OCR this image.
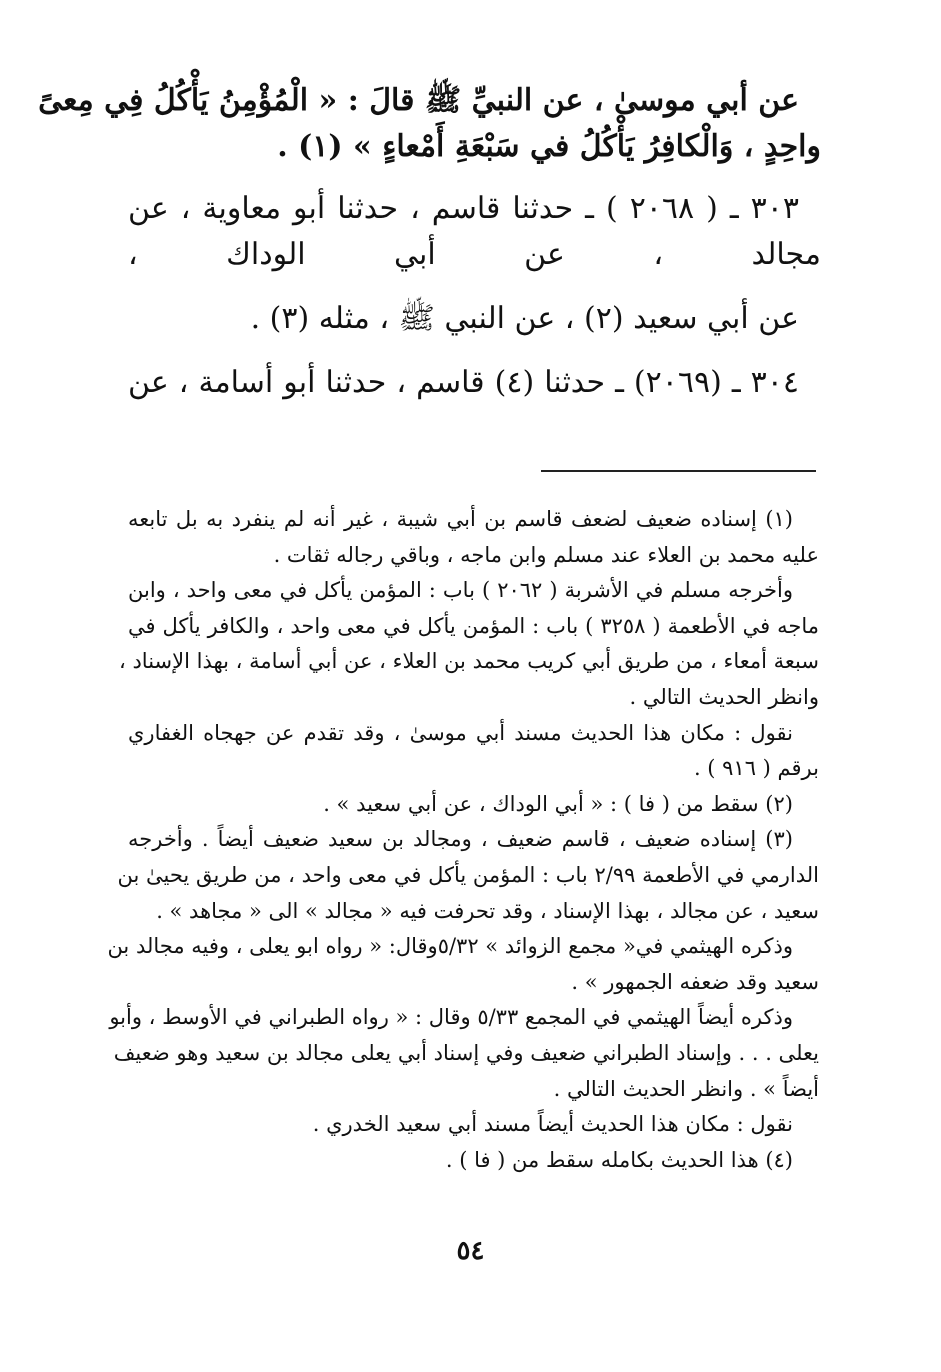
عن أبي موسىٰ ، عن النبيِّ ﷺ قالَ : « الْمُؤْمِنُ يَأْكُلُ فِي مِعىً
واحِدٍ ، وَالْكافِرُ يَأْكُلُ في سَبْعَةِ أَمْعاءٍ » (١) .
٣٠٣ ـ ( ٢٠٦٨ ) ـ حدثنا قاسم ، حدثنا أبو معاوية ، عن
مجالد ، عن أبي الوداك ،
عن أبي سعيد (٢) ، عن النبي ﷺ ، مثله (٣) .
٣٠٤ ـ (٢٠٦٩) ـ حدثنا (٤) قاسم ، حدثنا أبو أسامة ، عن
(١) إسناده ضعيف لضعف قاسم بن أبي شيبة ، غير أنه لم ينفرد به بل تابعه
عليه محمد بن العلاء عند مسلم وابن ماجه ، وباقي رجاله ثقات .
وأخرجه مسلم في الأشربة ( ٢٠٦٢ ) باب : المؤمن يأكل في معى واحد ، وابن
ماجه في الأطعمة ( ٣٢٥٨ ) باب : المؤمن يأكل في معى واحد ، والكافر يأكل في
سبعة أمعاء ، من طريق أبي كريب محمد بن العلاء ، عن أبي أسامة ، بهذا الإسناد ،
وانظر الحديث التالي .
نقول : مكان هذا الحديث مسند أبي موسىٰ ، وقد تقدم عن جهجاه الغفاري
برقم ( ٩١٦ ) .
(٢) سقط من ( فا ) : « أبي الوداك ، عن أبي سعيد » .
(٣) إسناده ضعيف ، قاسم ضعيف ، ومجالد بن سعيد ضعيف أيضاً . وأخرجه
الدارمي في الأطعمة ٢/٩٩ باب : المؤمن يأكل في معى واحد ، من طريق يحيىٰ بن
سعيد ، عن مجالد ، بهذا الإسناد ، وقد تحرفت فيه « مجالد » الى « مجاهد » .
وذكره الهيثمي في« مجمع الزوائد » ٥/٣٢وقال: « رواه ابو يعلى ، وفيه مجالد بن
سعيد وقد ضعفه الجمهور » .
وذكره أيضاً الهيثمي في المجمع ٥/٣٣ وقال : « رواه الطبراني في الأوسط ، وأبو
يعلى . . . وإسناد الطبراني ضعيف وفي إسناد أبي يعلى مجالد بن سعيد وهو ضعيف
أيضاً » . وانظر الحديث التالي .
نقول : مكان هذا الحديث أيضاً مسند أبي سعيد الخدري .
(٤) هذا الحديث بكامله سقط من ( فا ) .
٥٤
